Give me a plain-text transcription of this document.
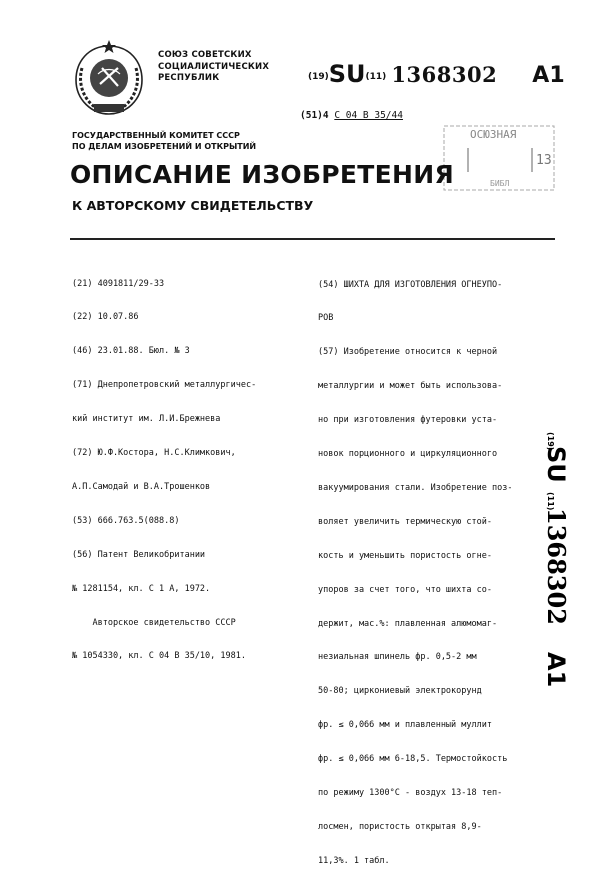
СОЮЗ СОВЕТСКИХ
СОЦИАЛИСТИЧЕСКИХ
РЕСПУБЛИК	(19)SU(11) 1368302 A1
(51)4 C 04 B 35/44
ОСЮЗНАЯ
13
БИБЛ
ГОСУДАРСТВЕННЫЙ КОМИТЕТ СССР
ПО ДЕЛАМ ИЗОБРЕТЕНИЙ И ОТКРЫТИЙ
ОПИСАНИЕ ИЗОБРЕТЕНИЯ
К АВТОРСКОМУ СВИДЕТЕЛЬСТВУ

(21) 4091811/29-33

(22) 10.07.86

(46) 23.01.88. Бюл. № 3

(71) Днепропетровский металлургичес-

кий институт им. Л.И.Брежнева

(72) Ю.Ф.Костора, Н.С.Климкович,

А.П.Самодай и В.А.Трошенков

(53) 666.763.5(088.8)

(56) Патент Великобритании

№ 1281154, кл. C 1 A, 1972.

Авторское свидетельство СССР

№ 1054330, кл. C 04 B 35/10, 1981.

(54) ШИХТА ДЛЯ ИЗГОТОВЛЕНИЯ ОГНЕУПО-

РОВ

(57) Изобретение относится к черной

металлургии и может быть использова-

но при изготовления футеровки уста-

новок порционного и циркуляционного

вакуумирования стали. Изобретение поз-

воляет увеличить термическую стой-

кость и уменьшить пористость огне-

упоров за счет того, что шихта со-

держит, мас.%: плавленная алюмомаг-

незиальная шпинель фр. 0,5-2 мм

50-80; циркониевый электрокорунд

фр. ≤ 0,066 мм и плавленный муллит

фр. ≤ 0,066 мм 6-18,5. Термостойкость

по режиму 1300°C - воздух 13-18 теп-

лосмен, пористость открытая 8,9-

11,3%. 1 табл.

(19)
SU
(11)
1368302
A1
